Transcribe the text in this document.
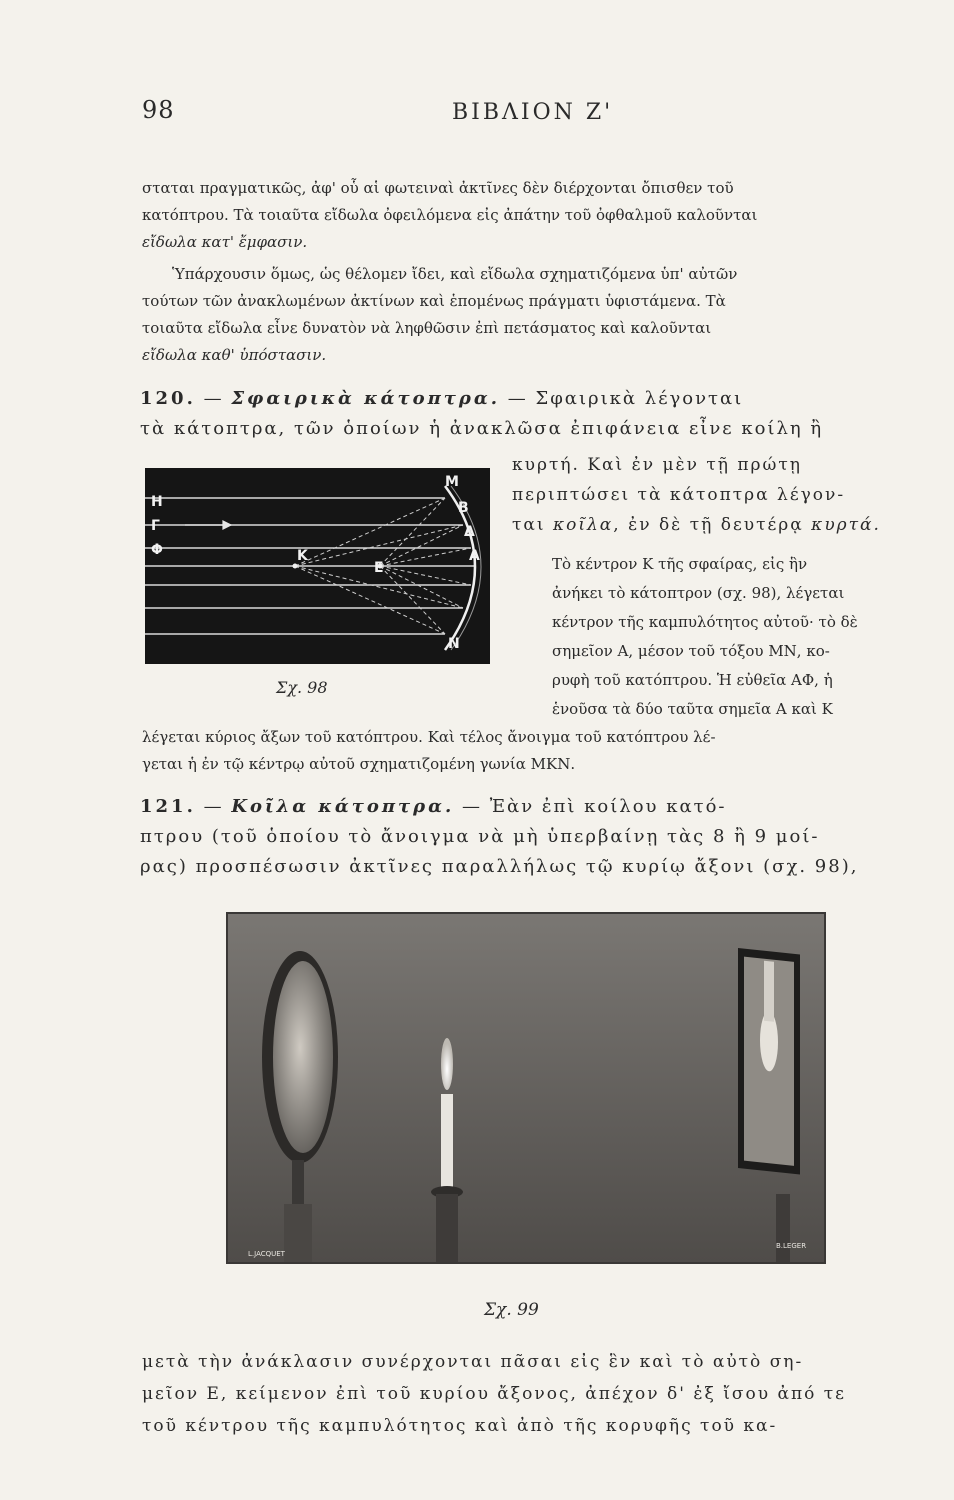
98	ΒΙΒΛΙΟΝ Ζ'
σταται πραγματικῶς, ἀφ' οὗ αἱ φωτειναὶ ἀκτῖνες δὲν διέρχονται ὄπισθεν τοῦ
κατόπτρου. Τὰ τοιαῦτα εἴδωλα ὀφειλόμενα εἰς ἀπάτην τοῦ ὀφθαλμοῦ καλοῦνται
εἴδωλα κατ' ἔμφασιν.
Ὑπάρχουσιν ὅμως, ὡς θέλομεν ἴδει, καὶ εἴδωλα σχηματιζόμενα ὑπ' αὐτῶν
τούτων τῶν ἀνακλωμένων ἀκτίνων καὶ ἑπομένως πράγματι ὑφιστάμενα. Τὰ
τοιαῦτα εἴδωλα εἶνε δυνατὸν νὰ ληφθῶσιν ἐπὶ πετάσματος καὶ καλοῦνται
εἴδωλα καθ' ὑπόστασιν.
120. — Σφαιρικὰ κάτοπτρα. — Σφαιρικὰ λέγονται
τὰ κάτοπτρα, τῶν ὁποίων ἡ ἀνακλῶσα ἐπιφάνεια εἶνε κοίλη ἢ
Η
Γ
Φ	Κ
Ε
Μ
Β
Δ
Α
Ν
Σχ. 98
κυρτή. Καὶ ἐν μὲν τῇ πρώτῃ
περιπτώσει τὰ κάτοπτρα λέγον-
ται κοῖλα, ἐν δὲ τῇ δευτέρᾳ κυρτά.
Τὸ κέντρον Κ τῆς σφαίρας, εἰς ἣν
ἀνήκει τὸ κάτοπτρον (σχ. 98), λέγεται
κέντρον τῆς καμπυλότητος αὐτοῦ· τὸ δὲ
σημεῖον Α, μέσον τοῦ τόξου ΜΝ, κο-
ρυφὴ τοῦ κατόπτρου. Ἡ εὐθεῖα ΑΦ, ἡ
ἑνοῦσα τὰ δύο ταῦτα σημεῖα Α καὶ Κ
λέγεται κύριος ἄξων τοῦ κατόπτρου. Καὶ τέλος ἄνοιγμα τοῦ κατόπτρου λέ-
γεται ἡ ἐν τῷ κέντρῳ αὐτοῦ σχηματιζομένη γωνία ΜΚΝ.
121. — Κοῖλα κάτοπτρα. — Ἐὰν ἐπὶ κοίλου κατό-
πτρου (τοῦ ὁποίου τὸ ἄνοιγμα νὰ μὴ ὑπερβαίνῃ τὰς 8 ἢ 9 μοί-
ρας) προσπέσωσιν ἀκτῖνες παραλλήλως τῷ κυρίῳ ἄξονι (σχ. 98),
L.JACQUET
B.LEGER
Σχ. 99
μετὰ τὴν ἀνάκλασιν συνέρχονται πᾶσαι εἰς ἓν καὶ τὸ αὐτὸ ση-
μεῖον Ε, κείμενον ἐπὶ τοῦ κυρίου ἄξονος, ἀπέχον δ' ἐξ ἴσου ἀπό τε
τοῦ κέντρου τῆς καμπυλότητος καὶ ἀπὸ τῆς κορυφῆς τοῦ κα-
